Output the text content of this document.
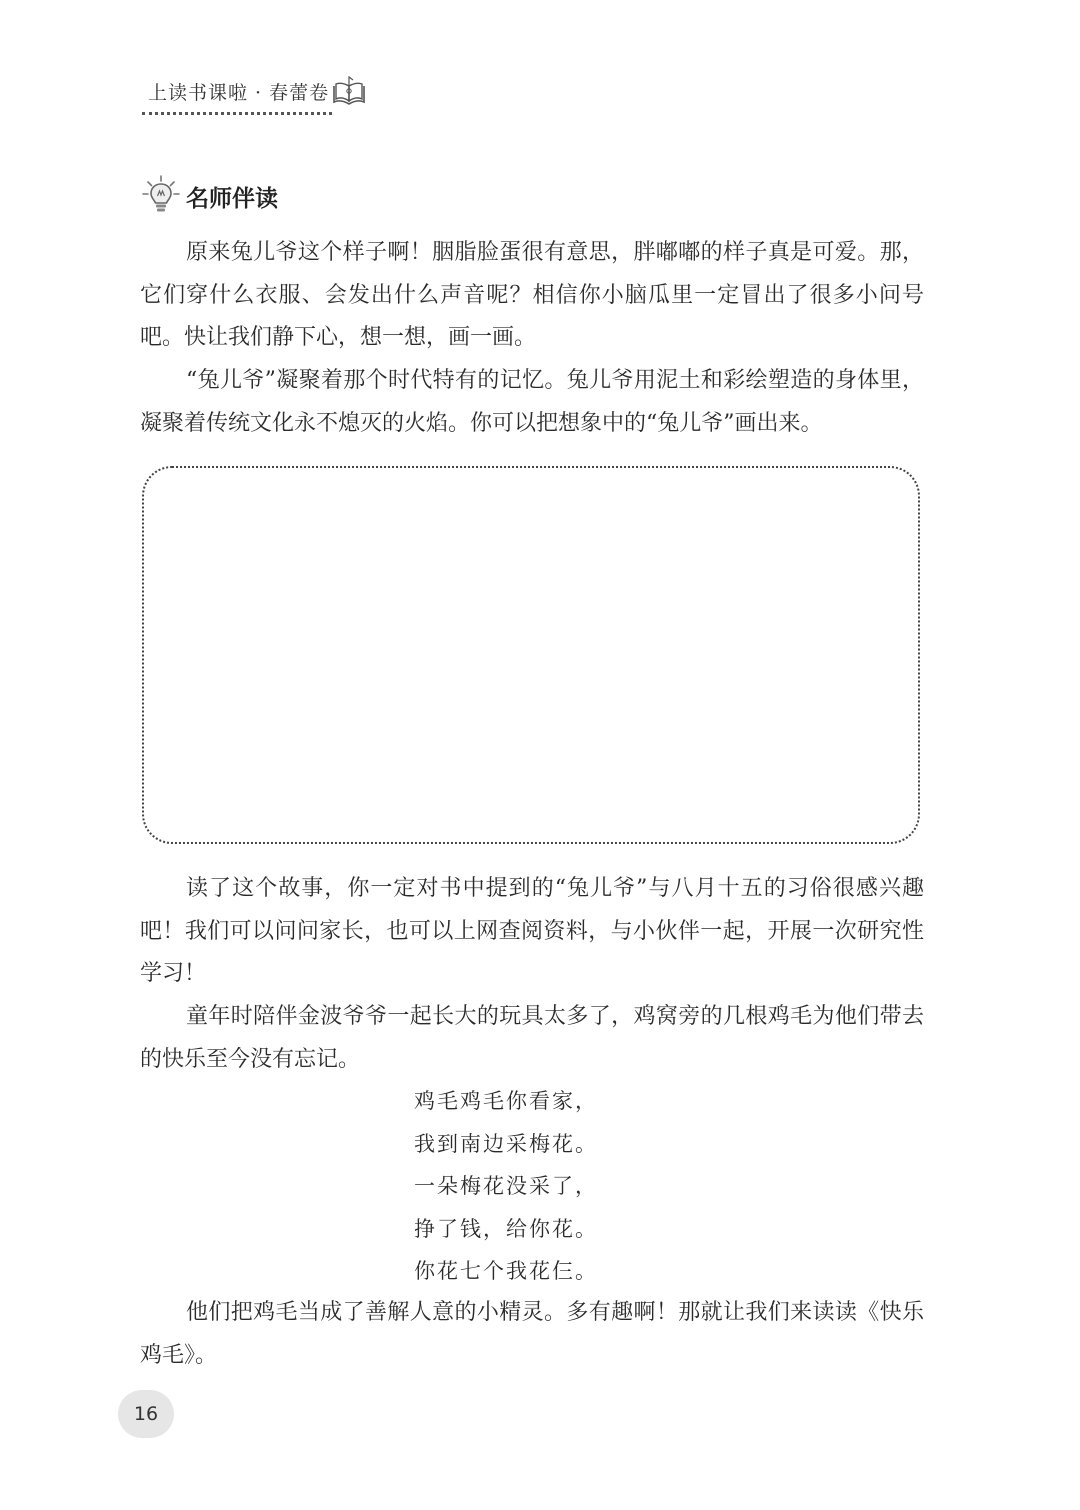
上读书课啦 · 春蕾卷
名师伴读

原来兔儿爷这个样子啊！胭脂脸蛋很有意思，胖嘟嘟的样子真是可爱。那，它们穿什么衣服、会发出什么声音呢？相信你小脑瓜里一定冒出了很多小问号吧。快让我们静下心，想一想，画一画。

“兔儿爷”凝聚着那个时代特有的记忆。兔儿爷用泥土和彩绘塑造的身体里，凝聚着传统文化永不熄灭的火焰。你可以把想象中的“兔儿爷”画出来。

读了这个故事，你一定对书中提到的“兔儿爷”与八月十五的习俗很感兴趣吧！我们可以问问家长，也可以上网查阅资料，与小伙伴一起，开展一次研究性学习！

童年时陪伴金波爷爷一起长大的玩具太多了，鸡窝旁的几根鸡毛为他们带去的快乐至今没有忘记。

鸡毛鸡毛你看家，
我到南边采梅花。
一朵梅花没采了，
挣了钱，给你花。
你花七个我花仨。

他们把鸡毛当成了善解人意的小精灵。多有趣啊！那就让我们来读读《快乐鸡毛》。

16
